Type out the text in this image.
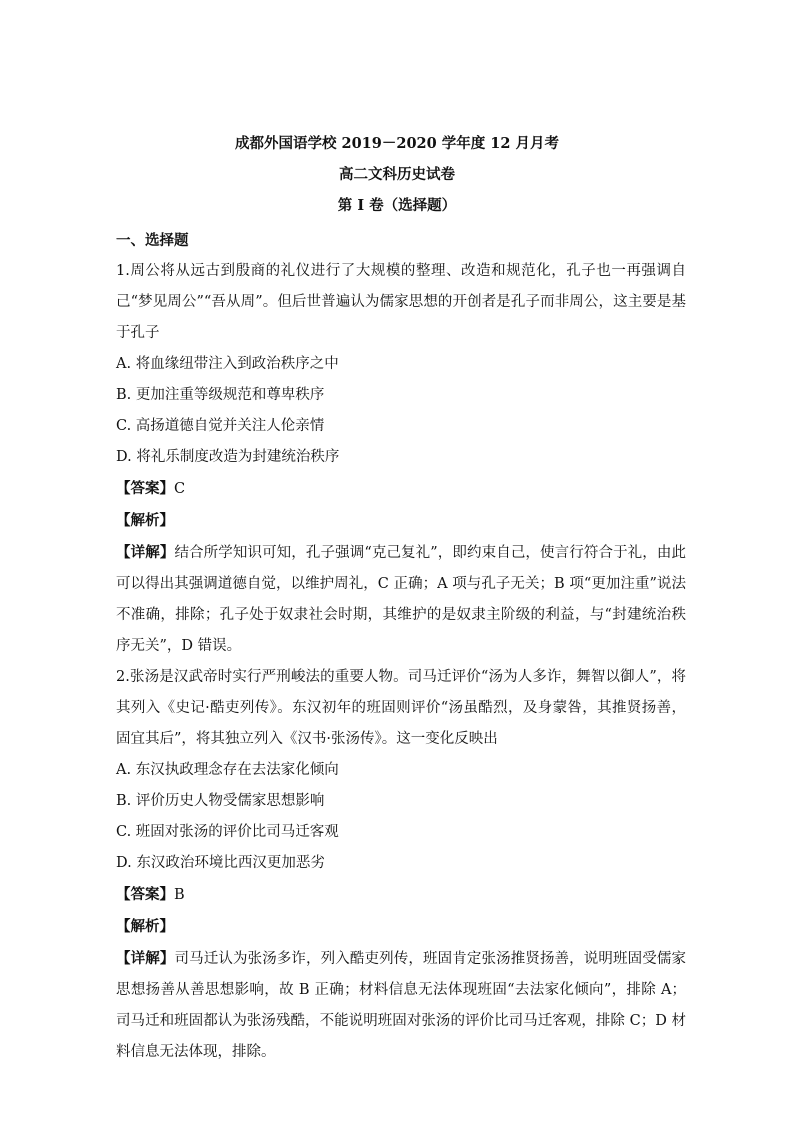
成都外国语学校 2019－2020 学年度 12 月月考
高二文科历史试卷
第 I 卷（选择题）
一、选择题
1.周公将从远古到殷商的礼仪进行了大规模的整理、改造和规范化，孔子也一再强调自己“梦见周公”“吾从周”。但后世普遍认为儒家思想的开创者是孔子而非周公，这主要是基于孔子
A. 将血缘纽带注入到政治秩序之中
B. 更加注重等级规范和尊卑秩序
C. 高扬道德自觉并关注人伦亲情
D. 将礼乐制度改造为封建统治秩序
【答案】C
【解析】
【详解】结合所学知识可知，孔子强调“克己复礼”，即约束自己，使言行符合于礼，由此可以得出其强调道德自觉，以维护周礼，C 正确；A 项与孔子无关；B 项“更加注重”说法不准确，排除；孔子处于奴隶社会时期，其维护的是奴隶主阶级的利益，与“封建统治秩序无关”，D 错误。
2.张汤是汉武帝时实行严刑峻法的重要人物。司马迁评价“汤为人多诈，舞智以御人”，将其列入《史记·酷吏列传》。东汉初年的班固则评价“汤虽酷烈，及身蒙咎，其推贤扬善，固宜其后”，将其独立列入《汉书·张汤传》。这一变化反映出
A. 东汉执政理念存在去法家化倾向
B. 评价历史人物受儒家思想影响
C. 班固对张汤的评价比司马迁客观
D. 东汉政治环境比西汉更加恶劣
【答案】B
【解析】
【详解】司马迁认为张汤多诈，列入酷吏列传，班固肯定张汤推贤扬善，说明班固受儒家思想扬善从善思想影响，故 B 正确；材料信息无法体现班固“去法家化倾向”，排除 A；司马迁和班固都认为张汤残酷，不能说明班固对张汤的评价比司马迁客观，排除 C；D 材料信息无法体现，排除。
